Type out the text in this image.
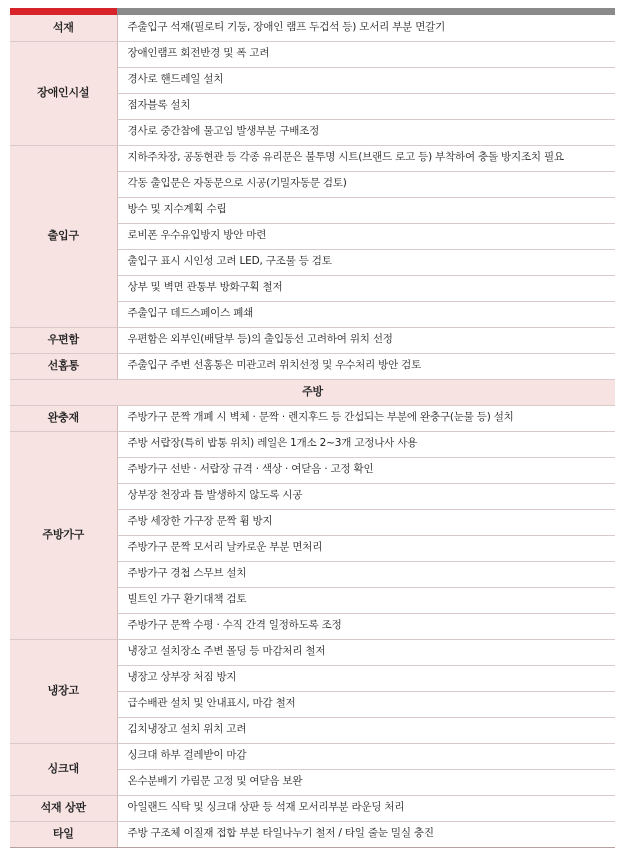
석재	주출입구 석재(필로티 기둥, 장애인 램프 두겁석 등) 모서리 부분 면갈기
장애인시설	장애인램프 회전반경 및 폭 고려
	경사로 핸드레일 설치
	점자블록 설치
	경사로 중간참에 물고임 발생부분 구배조정
출입구	지하주차장, 공동현관 등 각종 유리문은 불투명 시트(브랜드 로고 등) 부착하여 충돌 방지조치 필요
	각동 출입문은 자동문으로 시공(기밀자동문 검토)
	방수 및 지수계획 수립
	로비폰 우수유입방지 방안 마련
	출입구 표시 시인성 고려 LED, 구조물 등 검토
	상부 및 벽면 관통부 방화구획 철저
	주출입구 데드스페이스 폐쇄
우편함	우편함은 외부인(배달부 등)의 출입동선 고려하여 위치 선정
선홈통	주출입구 주변 선홈통은 미관고려 위치선정 및 우수처리 방안 검토
주방	
완충재	주방가구 문짝 개폐 시 벽체 · 문짝 · 렌지후드 등 간섭되는 부분에 완충구(눈물 등) 설치
주방가구	주방 서랍장(특히 밥통 위치) 레일은 1개소 2~3개 고정나사 사용
	주방가구 선반 · 서랍장 규격 · 색상 · 여닫음 · 고정 확인
	상부장 천장과 틈 발생하지 않도록 시공
	주방 세장한 가구장 문짝 휨 방지
	주방가구 문짝 모서리 날카로운 부분 면처리
	주방가구 경첩 스무브 설치
	빌트인 가구 환기대책 검토
	주방가구 문짝 수평 · 수직 간격 일정하도록 조정
냉장고	냉장고 설치장소 주변 몰딩 등 마감처리 철저
	냉장고 상부장 처짐 방지
	급수배관 설치 및 안내표시, 마감 철저
	김치냉장고 설치 위치 고려
싱크대	싱크대 하부 걸레받이 마감
	온수분배기 가림문 고정 및 여닫음 보완
석재 상판	아일랜드 식탁 및 싱크대 상판 등 석재 모서리부분 라운딩 처리
타일	주방 구조체 이질재 접합 부분 타일나누기 철저 / 타일 줄눈 밀실 충진
